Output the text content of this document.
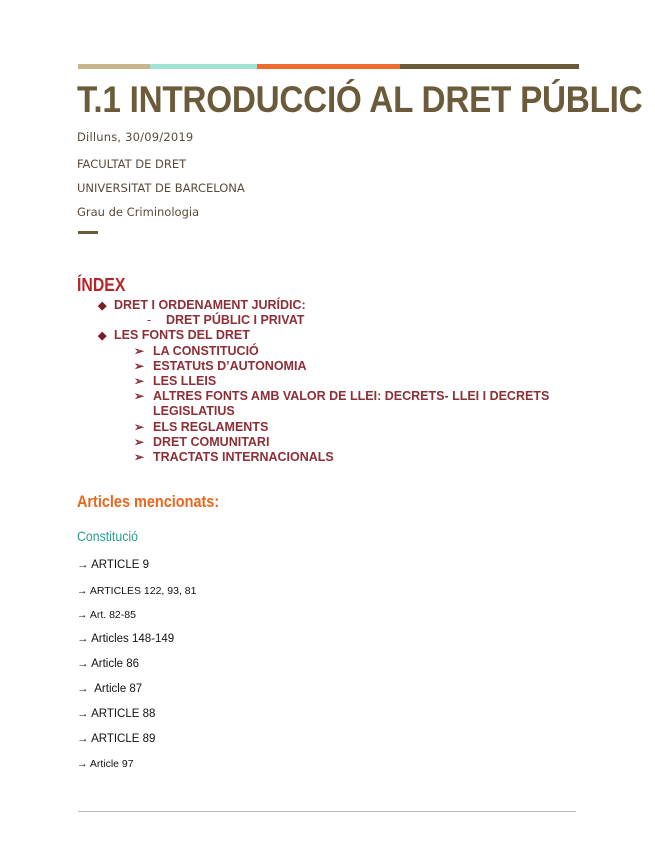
T.1 INTRODUCCIÓ AL DRET PÚBLIC
Dilluns, 30/09/2019
FACULTAT DE DRET
UNIVERSITAT DE BARCELONA
Grau de Criminologia
ÍNDEX
◆ DRET I ORDENAMENT JURÍDIC:
- DRET PÚBLIC I PRIVAT
◆ LES FONTS DEL DRET
➢ LA CONSTITUCIÓ
➢ ESTATUtS D’AUTONOMIA
➢ LES LLEIS
➢ ALTRES FONTS AMB VALOR DE LLEI: DECRETS- LLEI I DECRETS LEGISLATIUS
➢ ELS REGLAMENTS
➢ DRET COMUNITARI
➢ TRACTATS INTERNACIONALS
Articles mencionats:
Constitució
→ ARTICLE 9
→ ARTICLES 122, 93, 81
→ Art. 82-85
→ Articles 148-149
→ Article 86
→  Article 87
→ ARTICLE 88
→ ARTICLE 89
→ Article 97
